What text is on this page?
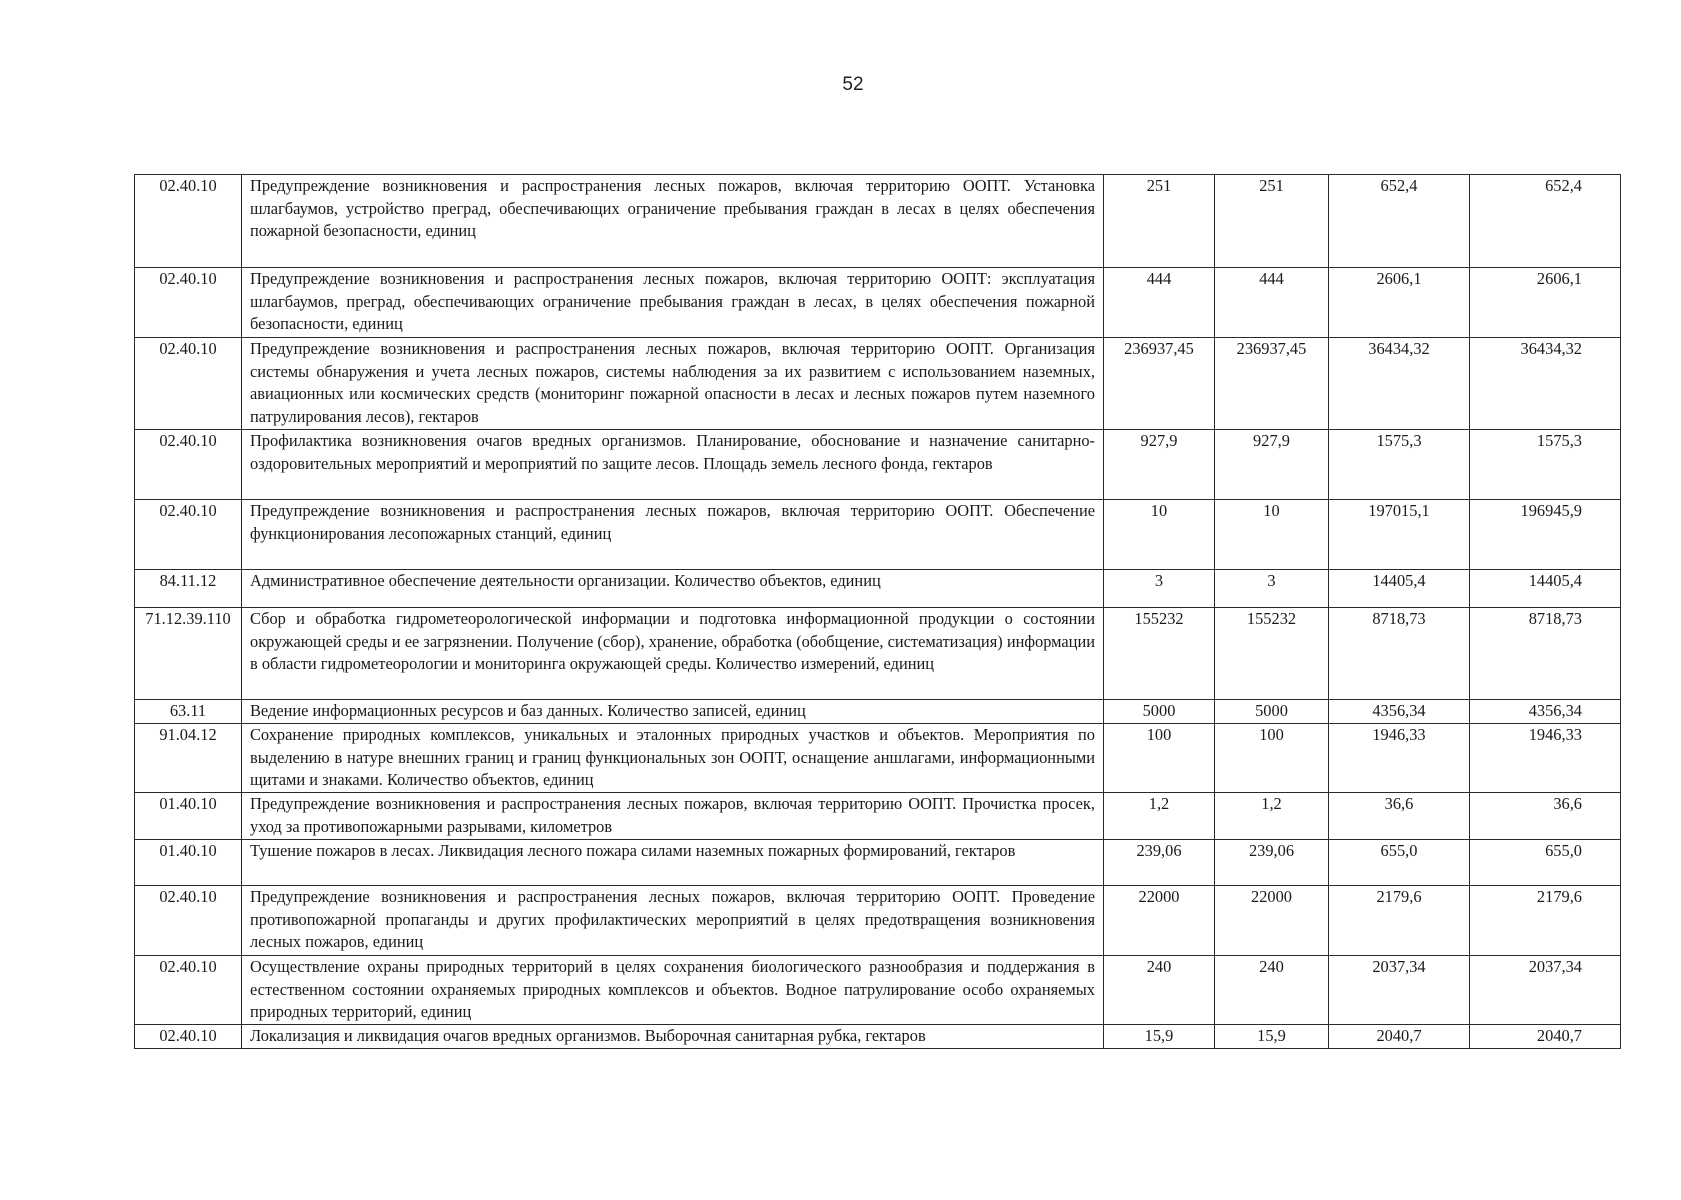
52
02.40.10	Предупреждение возникновения и распространения лесных пожаров, включая территорию ООПТ. Установка шлагбаумов, устройство преград, обеспечивающих ограничение пребывания граждан в лесах в целях обеспечения пожарной безопасности, единиц	251	251	652,4	652,4
02.40.10	Предупреждение возникновения и распространения лесных пожаров, включая территорию ООПТ: эксплуатация шлагбаумов, преград, обеспечивающих ограничение пребывания граждан в лесах, в целях обеспечения пожарной безопасности, единиц	444	444	2606,1	2606,1
02.40.10	Предупреждение возникновения и распространения лесных пожаров, включая территорию ООПТ. Организация системы обнаружения и учета лесных пожаров, системы наблюдения за их развитием с использованием наземных, авиационных или космических средств (мониторинг пожарной опасности в лесах и лесных пожаров путем наземного патрулирования лесов), гектаров	236937,45	236937,45	36434,32	36434,32
02.40.10	Профилактика возникновения очагов вредных организмов. Планирование, обоснование и назначение санитарно-оздоровительных мероприятий и мероприятий по защите лесов. Площадь земель лесного фонда, гектаров	927,9	927,9	1575,3	1575,3
02.40.10	Предупреждение возникновения и распространения лесных пожаров, включая территорию ООПТ. Обеспечение функционирования лесопожарных станций, единиц	10	10	197015,1	196945,9
84.11.12	Административное обеспечение деятельности организации. Количество объектов, единиц	3	3	14405,4	14405,4
71.12.39.110	Сбор и обработка гидрометеорологической информации и подготовка информационной продукции о состоянии окружающей среды и ее загрязнении. Получение (сбор), хранение, обработка (обобщение, систематизация) информации в области гидрометеорологии и мониторинга окружающей среды. Количество измерений, единиц	155232	155232	8718,73	8718,73
63.11	Ведение информационных ресурсов и баз данных. Количество записей, единиц	5000	5000	4356,34	4356,34
91.04.12	Сохранение природных комплексов, уникальных и эталонных природных участков и объектов. Мероприятия по выделению в натуре внешних границ и границ функциональных зон ООПТ, оснащение аншлагами, информационными щитами и знаками. Количество объектов, единиц	100	100	1946,33	1946,33
01.40.10	Предупреждение возникновения и распространения лесных пожаров, включая территорию ООПТ. Прочистка просек, уход за противопожарными разрывами, километров	1,2	1,2	36,6	36,6
01.40.10	Тушение пожаров в лесах. Ликвидация лесного пожара силами наземных пожарных формирований, гектаров	239,06	239,06	655,0	655,0
02.40.10	Предупреждение возникновения и распространения лесных пожаров, включая территорию ООПТ. Проведение противопожарной пропаганды и других профилактических мероприятий в целях предотвращения возникновения лесных пожаров, единиц	22000	22000	2179,6	2179,6
02.40.10	Осуществление охраны природных территорий в целях сохранения биологического разнообразия и поддержания в естественном состоянии охраняемых природных комплексов и объектов. Водное патрулирование особо охраняемых природных территорий, единиц	240	240	2037,34	2037,34
02.40.10	Локализация и ликвидация очагов вредных организмов. Выборочная санитарная рубка, гектаров	15,9	15,9	2040,7	2040,7
